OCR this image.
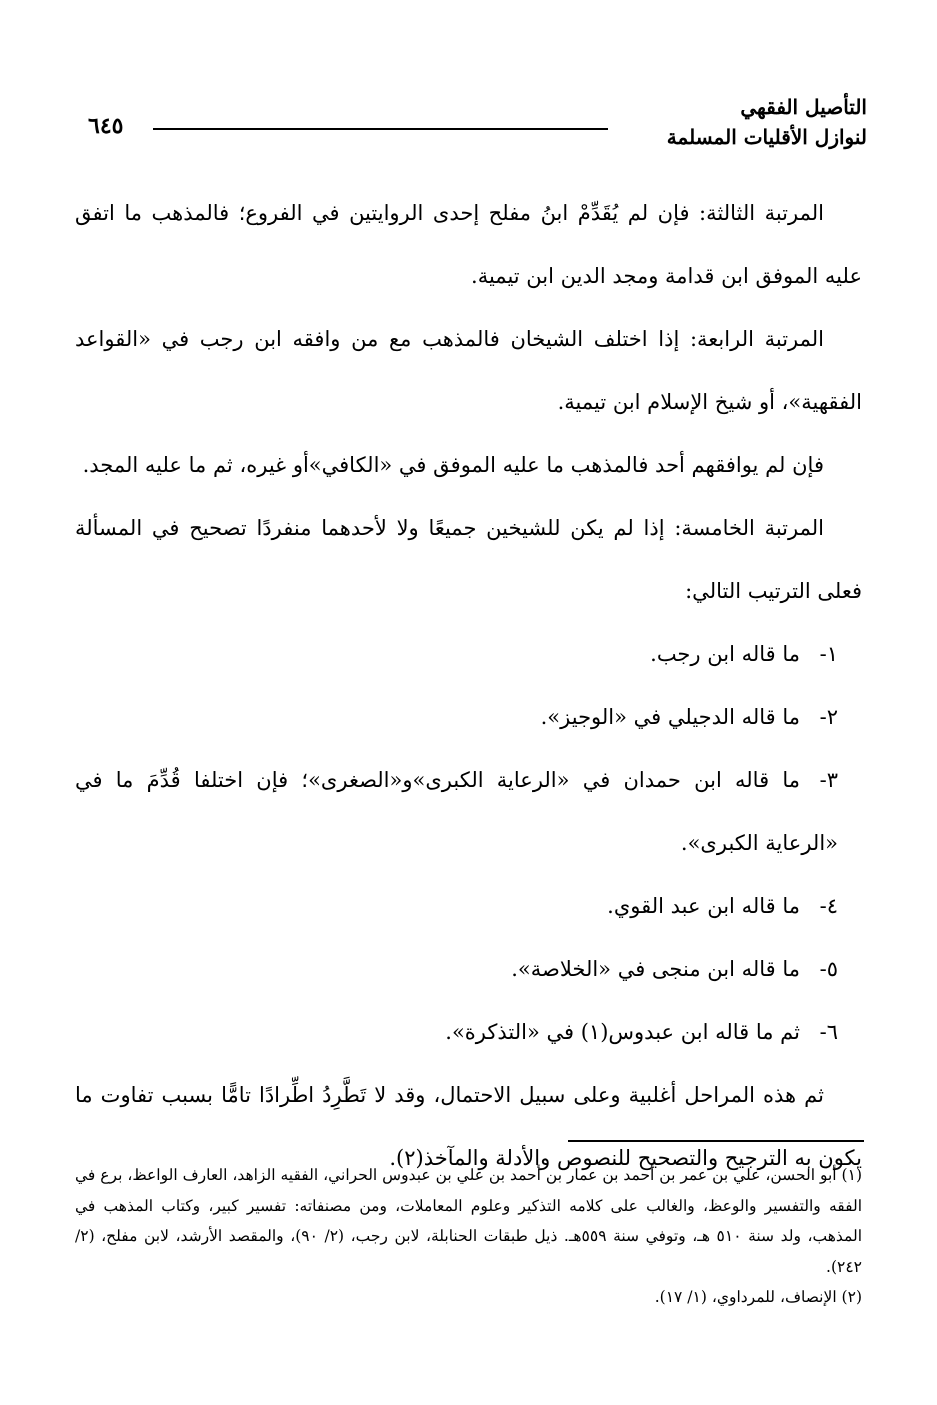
التأصيل الفقهي
لنوازل الأقليات المسلمة
٦٤٥

المرتبة الثالثة: فإن لم يُقَدِّمْ ابنُ مفلح إحدى الروايتين في الفروع؛ فالمذهب ما اتفق عليه الموفق ابن قدامة ومجد الدين ابن تيمية.

المرتبة الرابعة: إذا اختلف الشيخان فالمذهب مع من وافقه ابن رجب في «القواعد الفقهية»، أو شيخ الإسلام ابن تيمية.

فإن لم يوافقهم أحد فالمذهب ما عليه الموفق في «الكافي»أو غيره، ثم ما عليه المجد.

المرتبة الخامسة: إذا لم يكن للشيخين جميعًا ولا لأحدهما منفردًا تصحيح في المسألة فعلى الترتيب التالي:

١-ما قاله ابن رجب.

٢-ما قاله الدجيلي في «الوجيز».

٣-ما قاله ابن حمدان في «الرعاية الكبرى»و«الصغرى»؛ فإن اختلفا قُدِّمَ ما في «الرعاية الكبرى».

٤-ما قاله ابن عبد القوي.

٥-ما قاله ابن منجى في «الخلاصة».

٦-ثم ما قاله ابن عبدوس(١) في «التذكرة».

ثم هذه المراحل أغلبية وعلى سبيل الاحتمال، وقد لا تَطَّرِدُ اطِّرادًا تامًّا بسبب تفاوت ما يكون به الترجيح والتصحيح للنصوص والأدلة والمآخذ(٢).

(١) أبو الحسن، علي بن عمر بن أحمد بن عمار بن أحمد بن علي بن عبدوس الحراني، الفقيه الزاهد، العارف الواعظ، برع في الفقه والتفسير والوعظ، والغالب على كلامه التذكير وعلوم المعاملات، ومن مصنفاته: تفسير كبير، وكتاب المذهب في المذهب، ولد سنة ٥١٠ هـ، وتوفي سنة ٥٥٩هـ. ذيل طبقات الحنابلة، لابن رجب، (٢/ ٩٠)، والمقصد الأرشد، لابن مفلح، (٢/ ٢٤٢).

(٢) الإنصاف، للمرداوي، (١/ ١٧).
